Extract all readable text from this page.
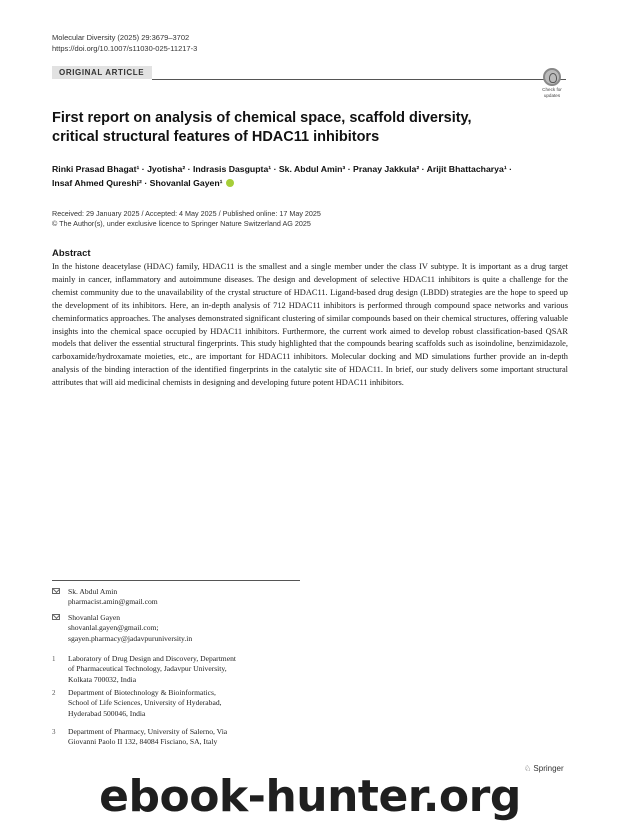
Molecular Diversity (2025) 29:3679–3702
https://doi.org/10.1007/s11030-025-11217-3
ORIGINAL ARTICLE
Check for
updates
First report on analysis of chemical space, scaffold diversity, critical structural features of HDAC11 inhibitors
Rinki Prasad Bhagat¹ · Jyotisha² · Indrasis Dasgupta¹ · Sk. Abdul Amin³ · Pranay Jakkula² · Arijit Bhattacharya¹ ·
Insaf Ahmed Qureshi² · Shovanlal Gayen¹
Received: 29 January 2025 / Accepted: 4 May 2025 / Published online: 17 May 2025
© The Author(s), under exclusive licence to Springer Nature Switzerland AG 2025
Abstract
In the histone deacetylase (HDAC) family, HDAC11 is the smallest and a single member under the class IV subtype. It is important as a drug target mainly in cancer, inflammatory and autoimmune diseases. The design and development of selective HDAC11 inhibitors is quite a challenge for the chemist community due to the unavailability of the crystal structure of HDAC11. Ligand-based drug design (LBDD) strategies are the hope to speed up the development of its inhibitors. Here, an in-depth analysis of 712 HDAC11 inhibitors is performed through compound space networks and various cheminformatics approaches. The analyses demonstrated significant clustering of similar compounds based on their chemical structures, offering valuable insights into the chemical space occupied by HDAC11 inhibitors. Furthermore, the current work aimed to develop robust classification-based QSAR models that deliver the essential structural fingerprints. This study highlighted that the compounds bearing scaffolds such as isoindoline, benzimidazole, carboxamide/hydroxamate moieties, etc., are important for HDAC11 inhibitors. Molecular docking and MD simulations further provide an in-depth analysis of the binding interaction of the identified fingerprints in the catalytic site of HDAC11. In brief, our study delivers some important structural attributes that will aid medicinal chemists in designing and developing future potent HDAC11 inhibitors.
Sk. Abdul Amin
pharmacist.amin@gmail.com
Shovanlal Gayen
shovanlal.gayen@gmail.com;
sgayen.pharmacy@jadavpuruniversity.in
1 Laboratory of Drug Design and Discovery, Department
of Pharmaceutical Technology, Jadavpur University,
Kolkata 700032, India
2 Department of Biotechnology & Bioinformatics,
School of Life Sciences, University of Hyderabad,
Hyderabad 500046, India
3 Department of Pharmacy, University of Salerno, Via
Giovanni Paolo II 132, 84084 Fisciano, SA, Italy
♘ Springer
ebook-hunter.org
